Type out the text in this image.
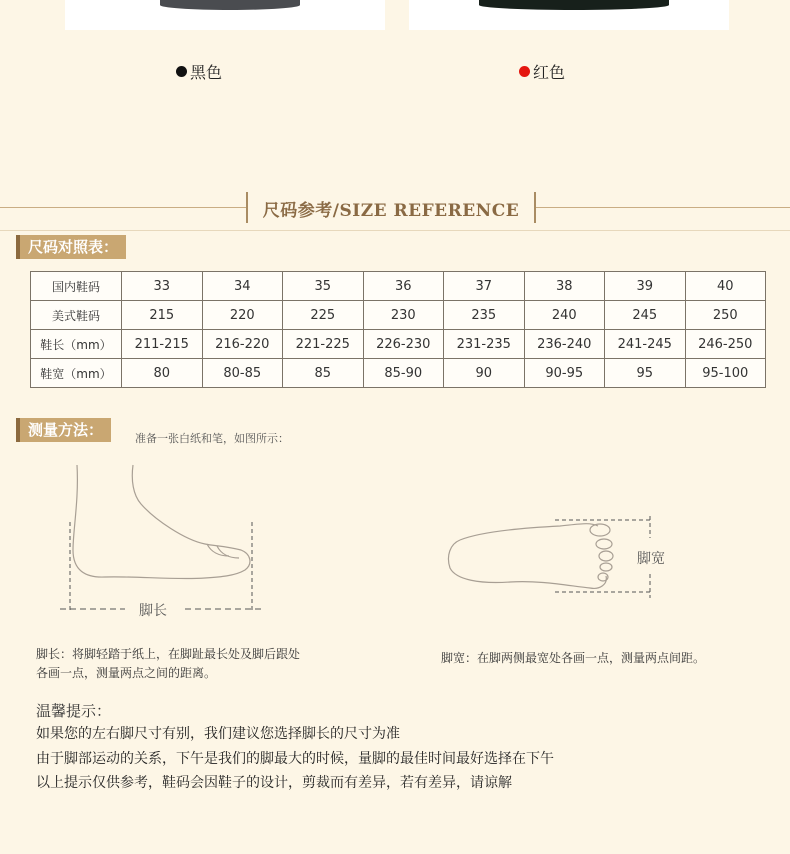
黑色	红色
尺码参考/SIZE REFERENCE
尺码对照表：
国内鞋码	33	34	35	36	37	38	39	40
美式鞋码	215	220	225	230	235	240	245	250
鞋长（mm）	211-215	216-220	221-225	226-230	231-235	236-240	241-245	246-250
鞋宽（mm）	80	80-85	85	85-90	90	90-95	95	95-100
测量方法：	准备一张白纸和笔，如图所示：
脚长
脚宽
脚长：将脚轻踏于纸上，在脚趾最长处及脚后跟处
各画一点，测量两点之间的距离。
脚宽：在脚两侧最宽处各画一点，测量两点间距。
温馨提示：
如果您的左右脚尺寸有别，我们建议您选择脚长的尺寸为准
由于脚部运动的关系，下午是我们的脚最大的时候，量脚的最佳时间最好选择在下午
以上提示仅供参考，鞋码会因鞋子的设计，剪裁而有差异，若有差异，请谅解
